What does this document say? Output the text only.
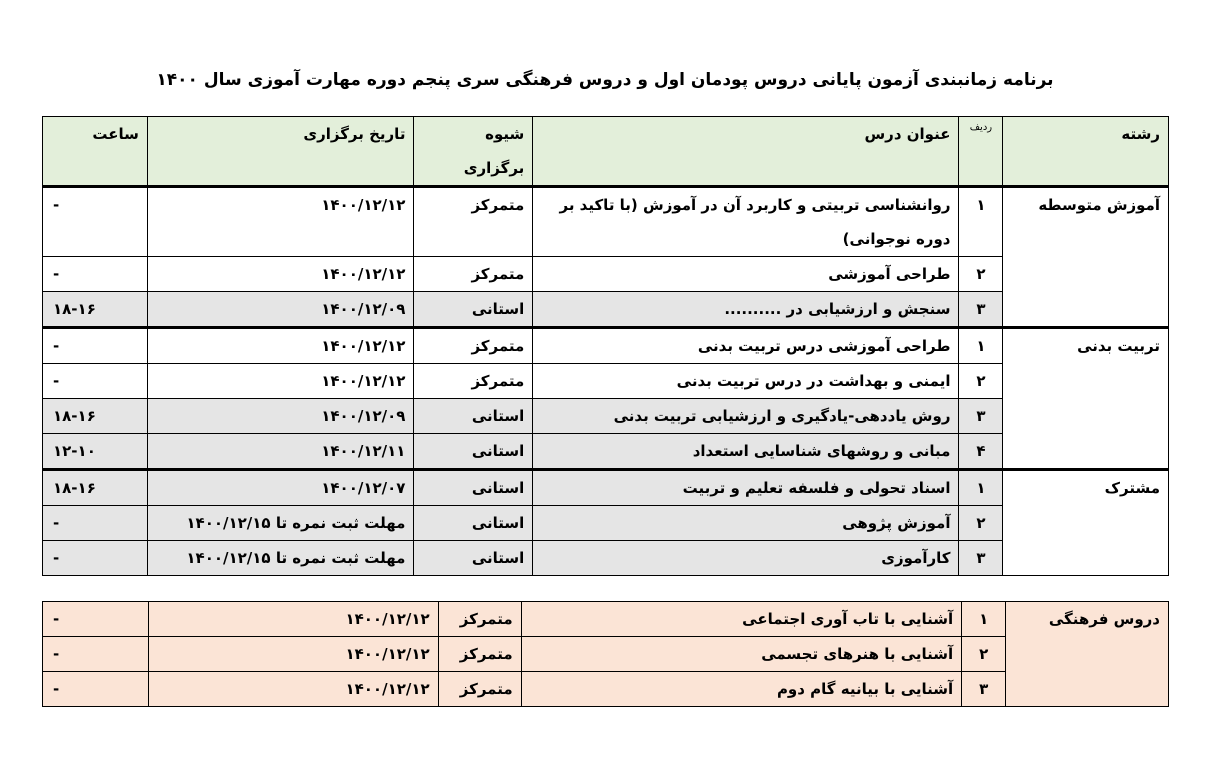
برنامه زمانبندی آزمون پایانی دروس پودمان اول و دروس فرهنگی سری پنجم دوره مهارت آموزی سال ۱۴۰۰
رشته	ردیف	عنوان درس	شیوه برگزاری	تاریخ برگزاری	ساعت
آموزش متوسطه	۱	روانشناسی تربیتی و کاربرد آن در آموزش (با تاکید بر دوره نوجوانی)	متمرکز	۱۴۰۰/۱۲/۱۲	-
	۲	طراحی آموزشی	متمرکز	۱۴۰۰/۱۲/۱۲	-
	۳	سنجش و ارزشیابی در ..........	استانی	۱۴۰۰/۱۲/۰۹	۱۸-۱۶
تربیت بدنی	۱	طراحی آموزشی درس تربیت بدنی	متمرکز	۱۴۰۰/۱۲/۱۲	-
	۲	ایمنی و بهداشت در درس تربیت بدنی	متمرکز	۱۴۰۰/۱۲/۱۲	-
	۳	روش یاددهی-یادگیری و ارزشیابی تربیت بدنی	استانی	۱۴۰۰/۱۲/۰۹	۱۸-۱۶
	۴	مبانی و روشهای شناسایی استعداد	استانی	۱۴۰۰/۱۲/۱۱	۱۲-۱۰
مشترک	۱	اسناد تحولی و فلسفه تعلیم و تربیت	استانی	۱۴۰۰/۱۲/۰۷	۱۸-۱۶
	۲	آموزش پژوهی	استانی	مهلت ثبت نمره تا ۱۴۰۰/۱۲/۱۵	-
	۳	کارآموزی	استانی	مهلت ثبت نمره تا ۱۴۰۰/۱۲/۱۵	-
دروس فرهنگی	۱	آشنایی با تاب آوری اجتماعی	متمرکز	۱۴۰۰/۱۲/۱۲	-
	۲	آشنایی با هنرهای تجسمی	متمرکز	۱۴۰۰/۱۲/۱۲	-
	۳	آشنایی با بیانیه گام دوم	متمرکز	۱۴۰۰/۱۲/۱۲	-
